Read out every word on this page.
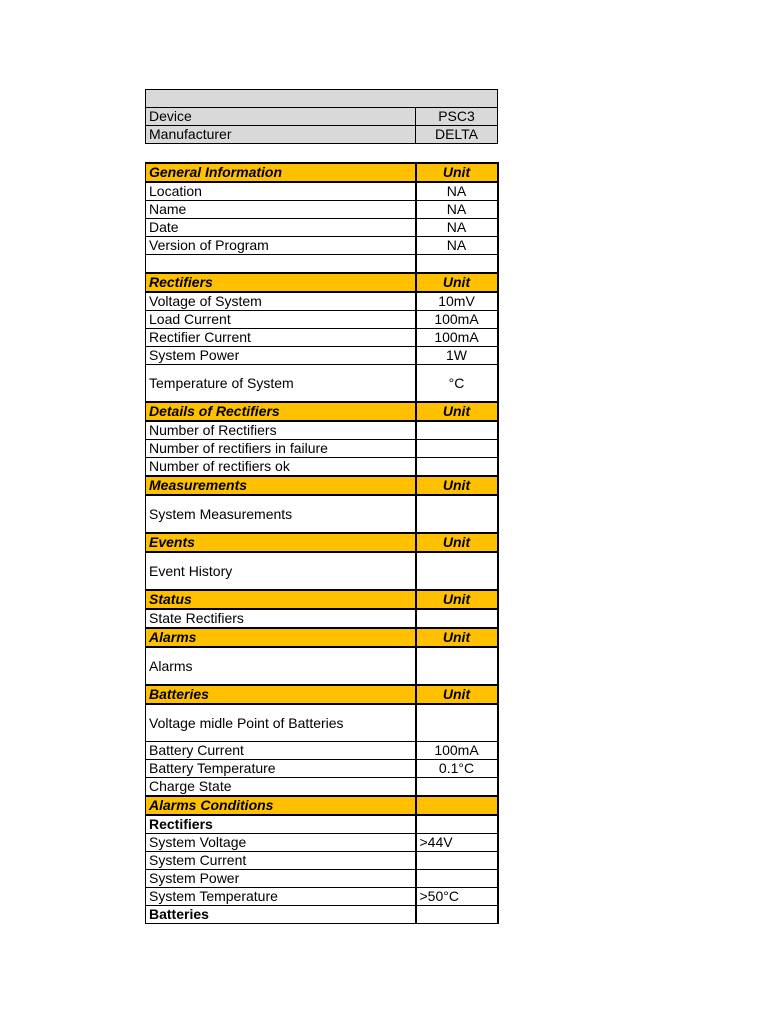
Device	PSC3
Manufacturer	DELTA
General Information	Unit
Location	NA
Name	NA
Date	NA
Version of Program	NA

Rectifiers	Unit
Voltage of System	10mV
Load Current	100mA
Rectifier Current	100mA
System Power	1W
Temperature of System	°C
Details of Rectifiers	Unit
Number of Rectifiers	
Number of rectifiers in failure	
Number of rectifiers ok	
Measurements	Unit
System Measurements	
Events	Unit
Event History	
Status	Unit
State Rectifiers	
Alarms	Unit
Alarms	
Batteries	Unit
Voltage midle Point of Batteries	
Battery Current	100mA
Battery Temperature	0.1°C
Charge State	
Alarms Conditions	
Rectifiers	
System Voltage	>44V
System Current	
System Power	
System Temperature	>50°C
Batteries	
